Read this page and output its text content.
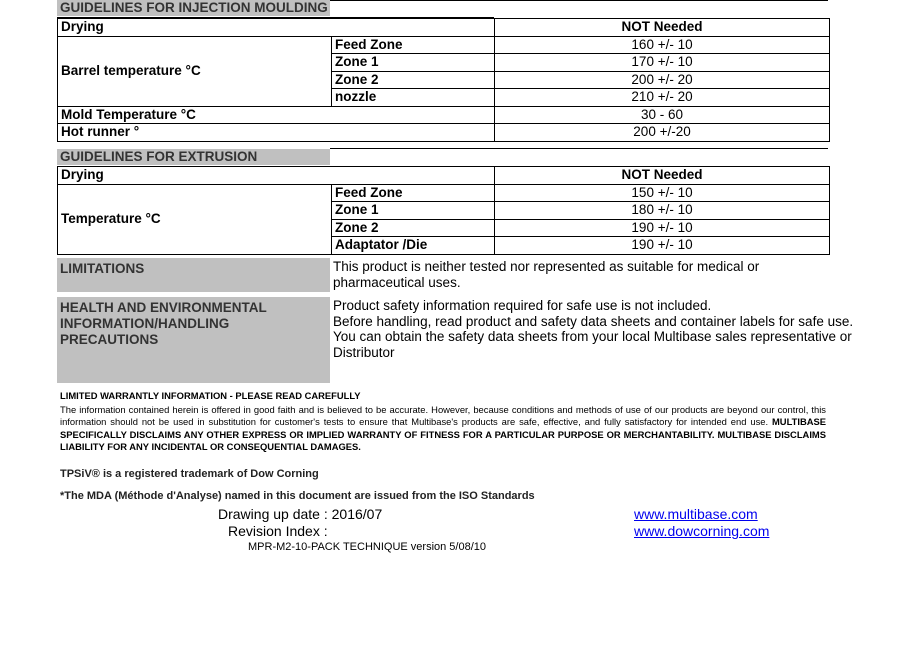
GUIDELINES FOR INJECTION MOULDING
Drying		NOT Needed
Barrel temperature °C	Feed Zone	160 +/- 10
	Zone 1	170 +/- 10
	Zone 2	200 +/- 20
	nozzle	210 +/- 20
Mold Temperature °C		30 - 60
Hot runner °		200 +/-20
GUIDELINES FOR EXTRUSION
Drying		NOT Needed
Temperature °C	Feed Zone	150 +/- 10
	Zone 1	180 +/- 10
	Zone 2	190 +/- 10
	Adaptator /Die	190 +/- 10
LIMITATIONS	This product is neither tested nor represented as suitable for medical or

pharmaceutical uses.

HEALTH AND ENVIRONMENTAL
INFORMATION/HANDLING PRECAUTIONS

Product safety information required for safe use is not included.

Before handling, read product and safety data sheets and container labels for safe use.

You can obtain the safety data sheets from your local Multibase sales representative or

Distributor

LIMITED WARRANTLY INFORMATION - PLEASE READ CAREFULLY
The information contained herein is offered in good faith and is believed to be accurate. However, because conditions and methods of use of our products are beyond our control, this information should not be used in substitution for customer's tests to ensure that Multibase's products are safe, effective, and fully satisfactory for intended end use. MULTIBASE SPECIFICALLY DISCLAIMS ANY OTHER EXPRESS OR IMPLIED WARRANTY OF FITNESS FOR A PARTICULAR PURPOSE OR MERCHANTABILITY. MULTIBASE DISCLAIMS LIABILITY FOR ANY INCIDENTAL OR CONSEQUENTIAL DAMAGES.
TPSiV® is a registered trademark of Dow Corning
*The MDA (Méthode d'Analyse) named in this document are issued from the ISO Standards
Drawing up date : 2016/07
Revision Index :
www.multibase.com
www.dowcorning.com
MPR-M2-10-PACK TECHNIQUE version 5/08/10
